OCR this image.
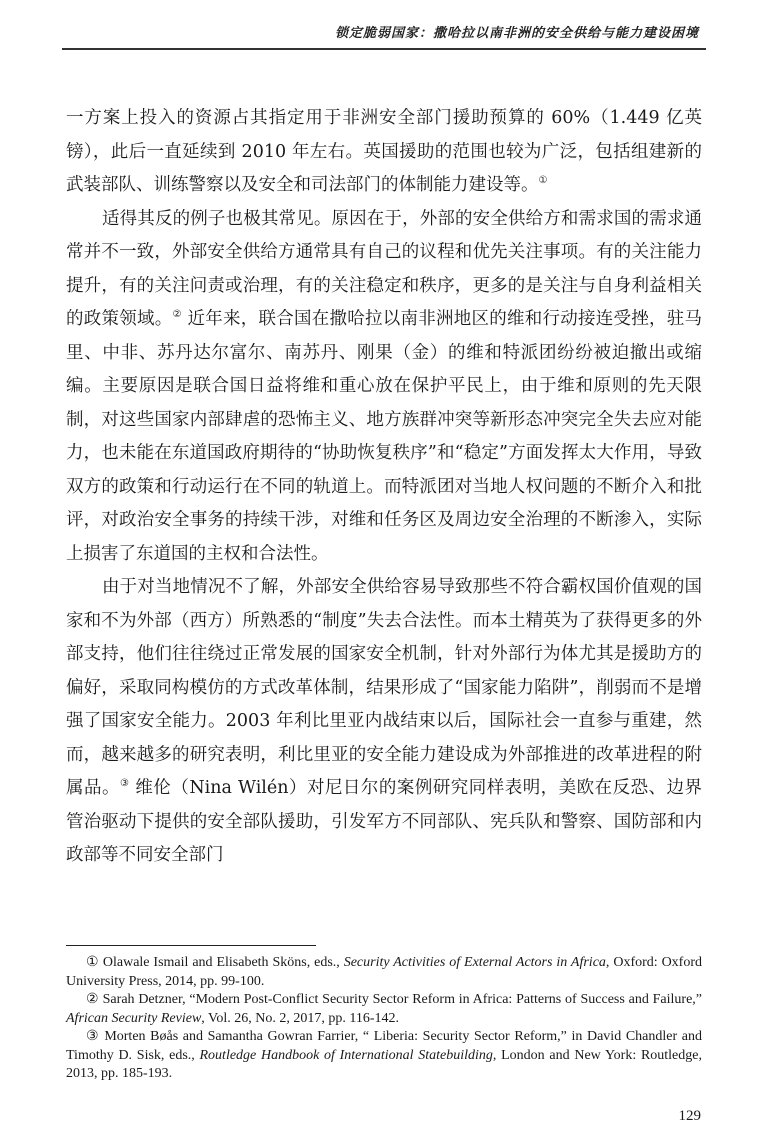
锁定脆弱国家：撒哈拉以南非洲的安全供给与能力建设困境

一方案上投入的资源占其指定用于非洲安全部门援助预算的 60%（1.449 亿英镑），此后一直延续到 2010 年左右。英国援助的范围也较为广泛，包括组建新的武装部队、训练警察以及安全和司法部门的体制能力建设等。①

适得其反的例子也极其常见。原因在于，外部的安全供给方和需求国的需求通常并不一致，外部安全供给方通常具有自己的议程和优先关注事项。有的关注能力提升，有的关注问责或治理，有的关注稳定和秩序，更多的是关注与自身利益相关的政策领域。② 近年来，联合国在撒哈拉以南非洲地区的维和行动接连受挫，驻马里、中非、苏丹达尔富尔、南苏丹、刚果（金）的维和特派团纷纷被迫撤出或缩编。主要原因是联合国日益将维和重心放在保护平民上，由于维和原则的先天限制，对这些国家内部肆虐的恐怖主义、地方族群冲突等新形态冲突完全失去应对能力，也未能在东道国政府期待的“协助恢复秩序”和“稳定”方面发挥太大作用，导致双方的政策和行动运行在不同的轨道上。而特派团对当地人权问题的不断介入和批评，对政治安全事务的持续干涉，对维和任务区及周边安全治理的不断渗入，实际上损害了东道国的主权和合法性。

由于对当地情况不了解，外部安全供给容易导致那些不符合霸权国价值观的国家和不为外部（西方）所熟悉的“制度”失去合法性。而本土精英为了获得更多的外部支持，他们往往绕过正常发展的国家安全机制，针对外部行为体尤其是援助方的偏好，采取同构模仿的方式改革体制，结果形成了“国家能力陷阱”，削弱而不是增强了国家安全能力。2003 年利比里亚内战结束以后，国际社会一直参与重建，然而，越来越多的研究表明，利比里亚的安全能力建设成为外部推进的改革进程的附属品。③ 维伦（Nina Wilén）对尼日尔的案例研究同样表明，美欧在反恐、边界管治驱动下提供的安全部队援助，引发军方不同部队、宪兵队和警察、国防部和内政部等不同安全部门

① Olawale Ismail and Elisabeth Sköns, eds., Security Activities of External Actors in Africa, Oxford: Oxford University Press, 2014, pp. 99-100.

② Sarah Detzner, “Modern Post-Conflict Security Sector Reform in Africa: Patterns of Success and Failure,” African Security Review, Vol. 26, No. 2, 2017, pp. 116-142.

③ Morten Bøås and Samantha Gowran Farrier, “ Liberia: Security Sector Reform,” in David Chandler and Timothy D. Sisk, eds., Routledge Handbook of International Statebuilding, London and New York: Routledge, 2013, pp. 185-193.

129
